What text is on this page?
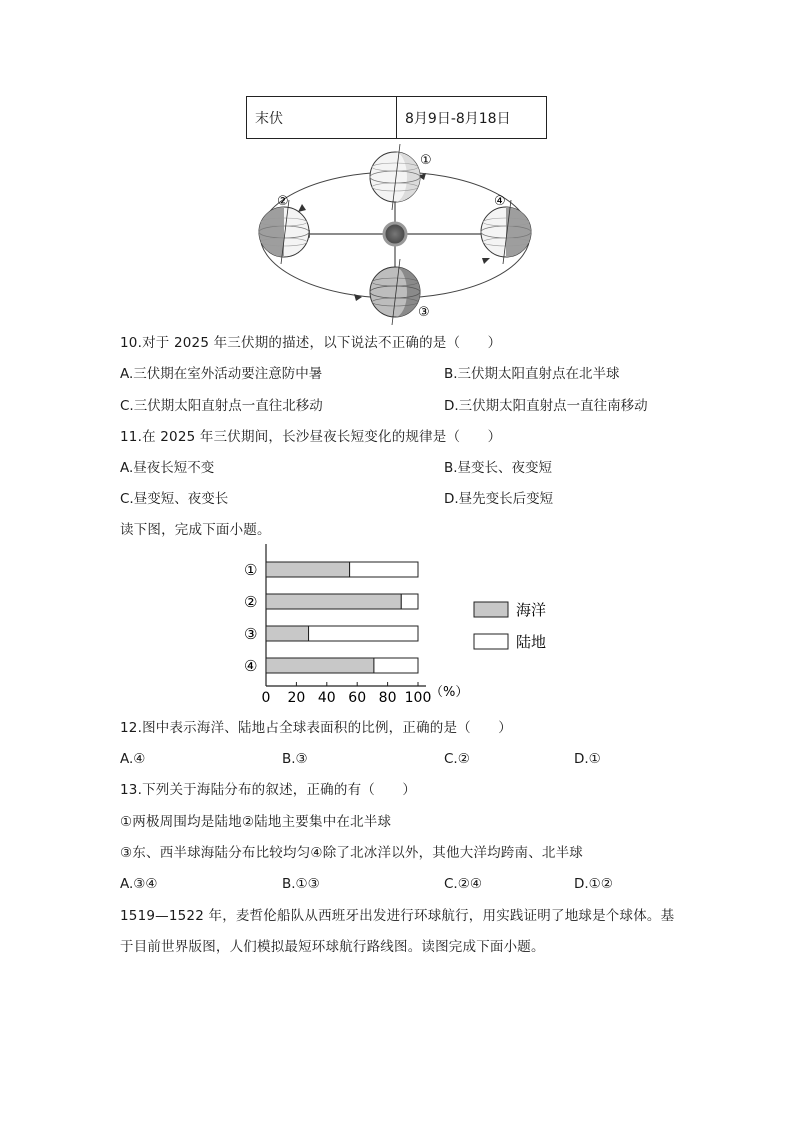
末伏	8月9日-8月18日
①
②
③
④
10.对于 2025 年三伏期的描述，以下说法不正确的是（　　）
A.三伏期在室外活动要注意防中暑	B.三伏期太阳直射点在北半球
C.三伏期太阳直射点一直往北移动	D.三伏期太阳直射点一直往南移动
11.在 2025 年三伏期间，长沙昼夜长短变化的规律是（　　）
A.昼夜长短不变	B.昼变长、夜变短
C.昼变短、夜变长	D.昼先变长后变短
读下图，完成下面小题。
0 20 40 60 80 100
（%）
①
②
③
④
海洋
陆地
12.图中表示海洋、陆地占全球表面积的比例，正确的是（　　）
A.④	B.③	C.②	D.①
13.下列关于海陆分布的叙述，正确的有（　　）
①两极周围均是陆地②陆地主要集中在北半球
③东、西半球海陆分布比较均匀④除了北冰洋以外，其他大洋均跨南、北半球
A.③④	B.①③	C.②④	D.①②
1519—1522 年，麦哲伦船队从西班牙出发进行环球航行，用实践证明了地球是个球体。基
于目前世界版图，人们模拟最短环球航行路线图。读图完成下面小题。
